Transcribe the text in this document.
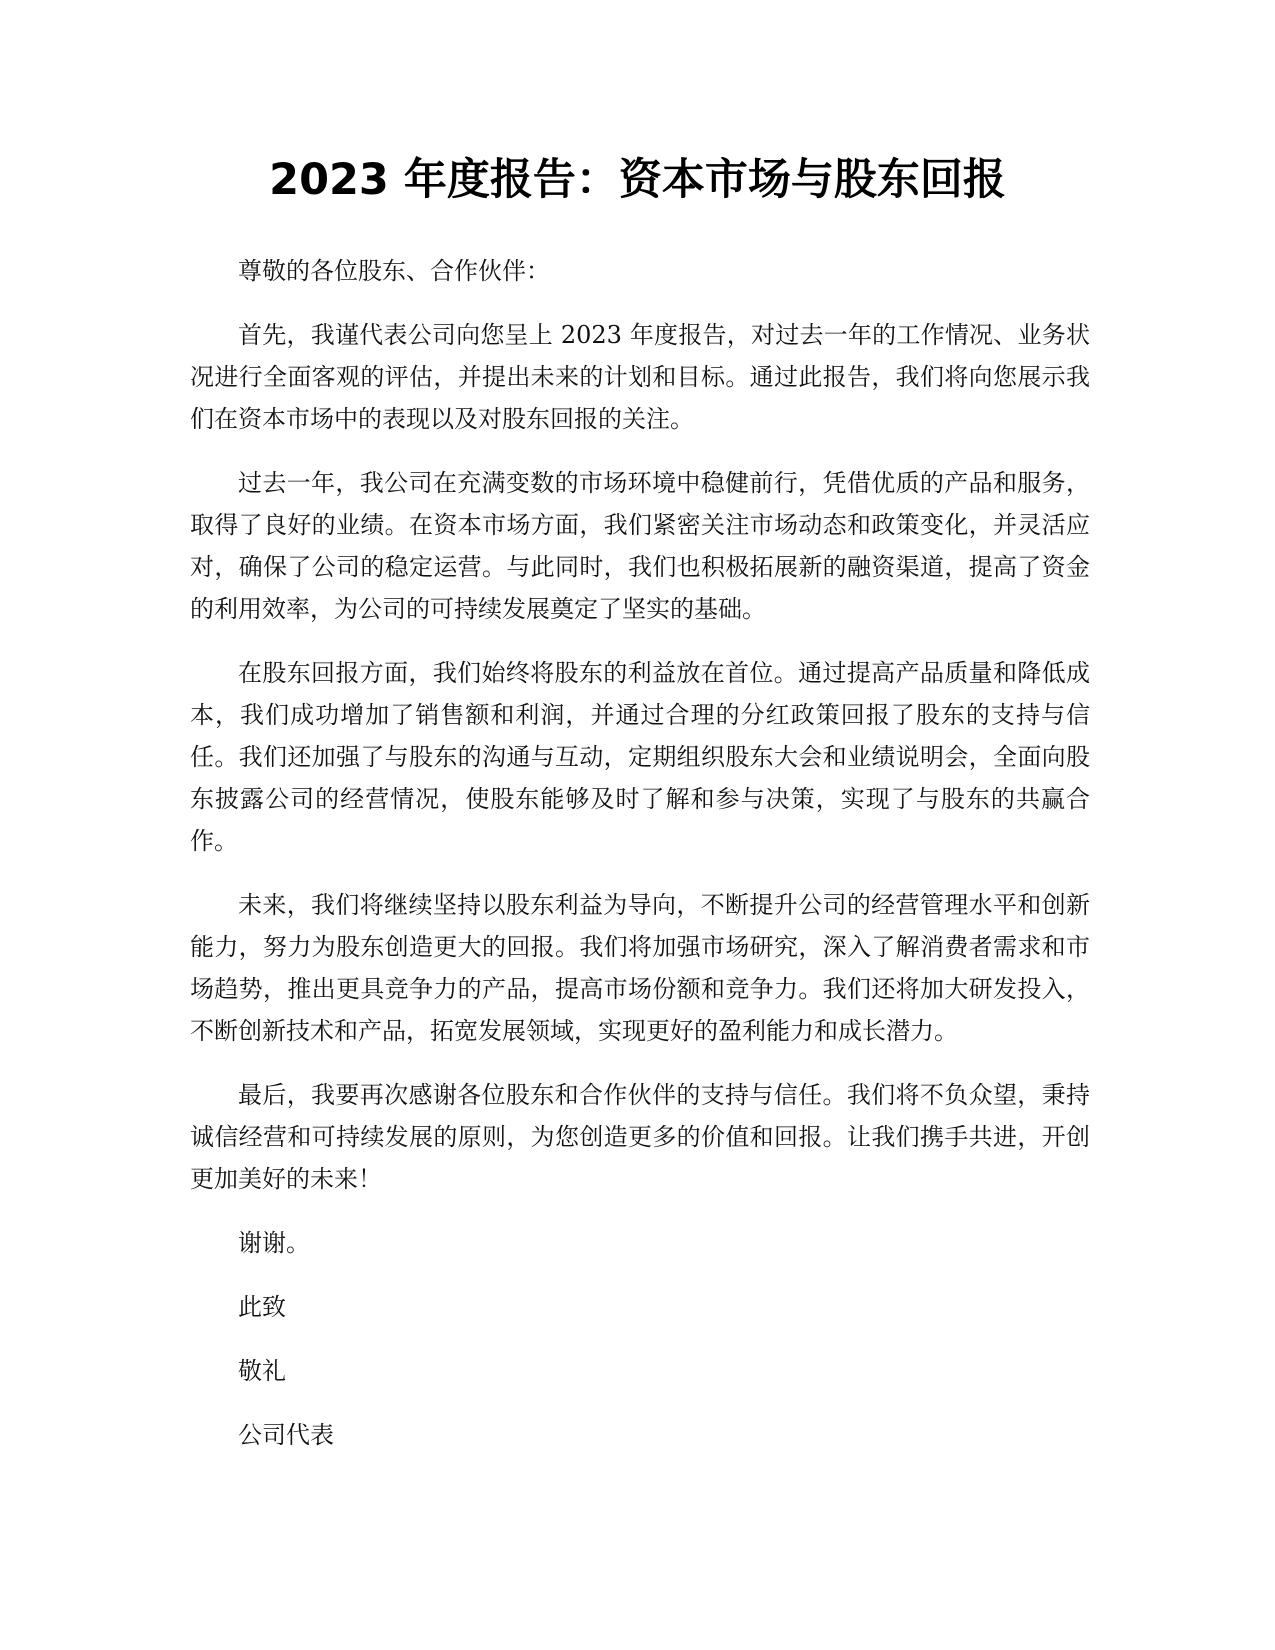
2023 年度报告：资本市场与股东回报

尊敬的各位股东、合作伙伴：

首先，我谨代表公司向您呈上 2023 年度报告，对过去一年的工作情况、业务状况进行全面客观的评估，并提出未来的计划和目标。通过此报告，我们将向您展示我们在资本市场中的表现以及对股东回报的关注。

过去一年，我公司在充满变数的市场环境中稳健前行，凭借优质的产品和服务，取得了良好的业绩。在资本市场方面，我们紧密关注市场动态和政策变化，并灵活应对，确保了公司的稳定运营。与此同时，我们也积极拓展新的融资渠道，提高了资金的利用效率，为公司的可持续发展奠定了坚实的基础。

在股东回报方面，我们始终将股东的利益放在首位。通过提高产品质量和降低成本，我们成功增加了销售额和利润，并通过合理的分红政策回报了股东的支持与信任。我们还加强了与股东的沟通与互动，定期组织股东大会和业绩说明会，全面向股东披露公司的经营情况，使股东能够及时了解和参与决策，实现了与股东的共赢合作。

未来，我们将继续坚持以股东利益为导向，不断提升公司的经营管理水平和创新能力，努力为股东创造更大的回报。我们将加强市场研究，深入了解消费者需求和市场趋势，推出更具竞争力的产品，提高市场份额和竞争力。我们还将加大研发投入，不断创新技术和产品，拓宽发展领域，实现更好的盈利能力和成长潜力。

最后，我要再次感谢各位股东和合作伙伴的支持与信任。我们将不负众望，秉持诚信经营和可持续发展的原则，为您创造更多的价值和回报。让我们携手共进，开创更加美好的未来！

谢谢。

此致

敬礼

公司代表
